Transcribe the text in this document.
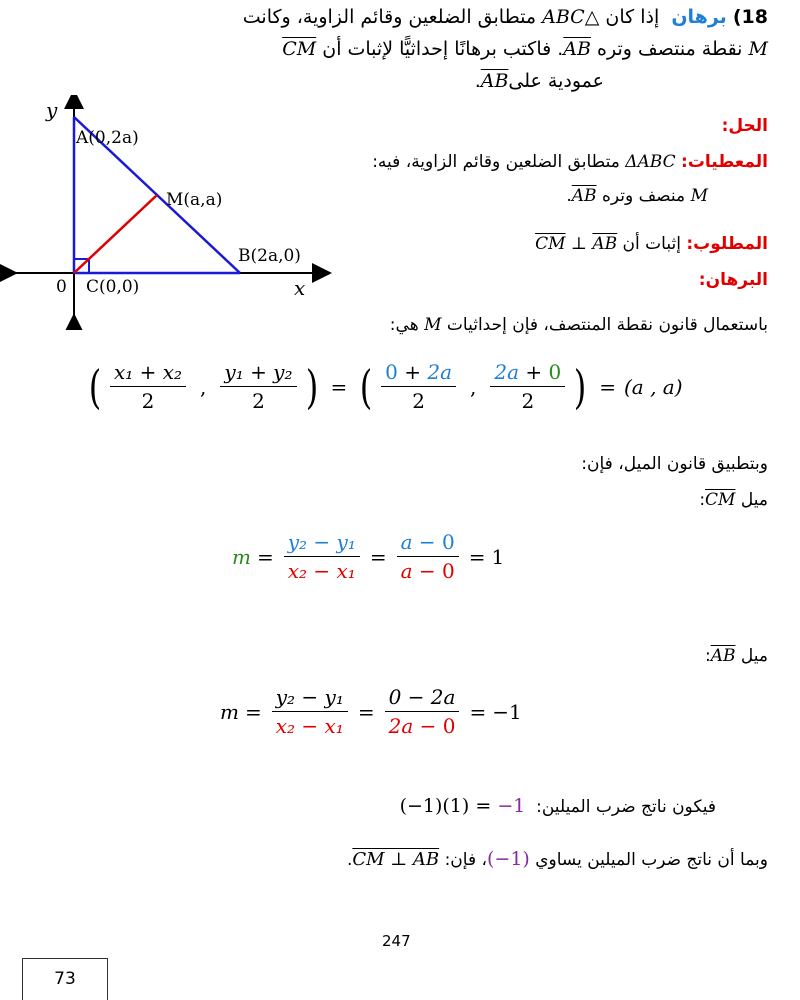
18) برهان  إذا كان ABC△ متطابق الضلعين وقائم الزاوية، وكانت
M نقطة منتصف وتره AB. فاكتب برهانًا إحداثيًّا لإثبات أن CM
عمودية علىAB.
y
x
0
A(0,2a)
M(a,a)
B(2a,0)
C(0,0)
الحل:
المعطيات: ΔABC متطابق الضلعين وقائم الزاوية، فيه:
M منصف وتره AB.
المطلوب: إثبات أن $\overline{CM}$ ⊥ $\overline{AB}$
البرهان:
باستعمال قانون نقطة المنتصف، فإن إحداثيات M هي:
( $\frac{\text{x₁ + x₂}}{2}$ , $\frac{\text{y₁ + y₂}}{2}$ ) = ( $\frac{0 + 2a}{2}$ , $\frac{2a + 0}{2}$ ) = (a , a)
وبتطبيق قانون الميل، فإن:
ميل CM:
$m = \frac{\text{y₂ − y₁}}{\text{x₂ − x₁}} = \frac{a - 0}{a - 0} = 1$
ميل AB:
$m = \frac{\text{y₂ − y₁}}{\text{x₂ − x₁}} = \frac{0 - 2a}{2a - 0} = -1$
فيكون ناتج ضرب الميلين:  (−1)(1) = −1
وبما أن ناتج ضرب الميلين يساوي (−1)، فإن: CM ⊥ AB.
247
73
